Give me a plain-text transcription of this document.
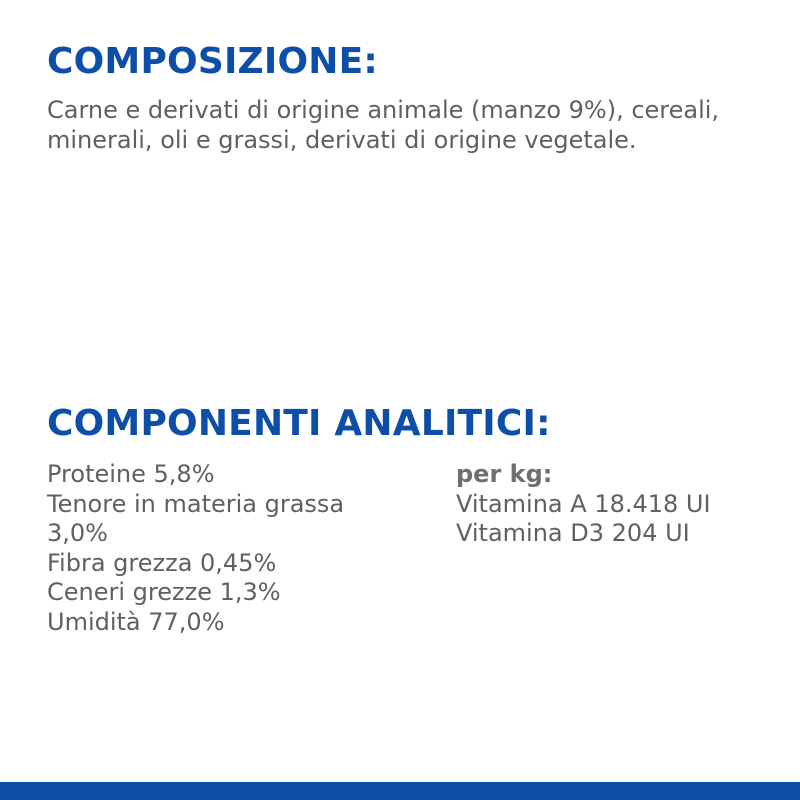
COMPOSIZIONE:

Carne e derivati di origine animale (manzo 9%), cereali, minerali, oli e grassi, derivati di origine vegetale.

COMPONENTI ANALITICI:
Proteine 5,8%
Tenore in materia grassa 3,0%
Fibra grezza 0,45%
Ceneri grezze 1,3%
Umidità 77,0%
per kg:
Vitamina A 18.418 UI
Vitamina D3 204 UI
